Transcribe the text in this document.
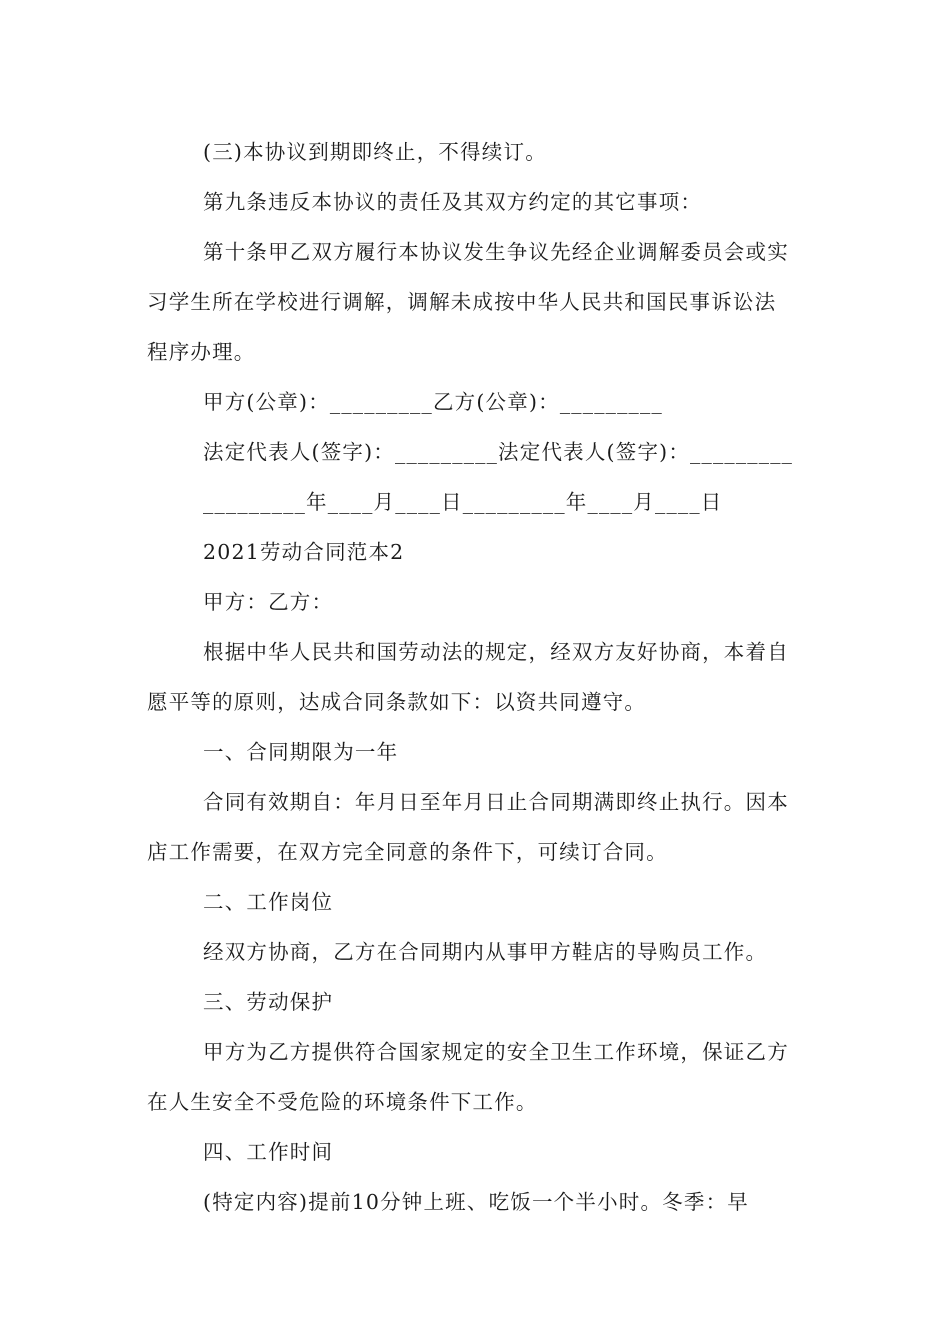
(三)本协议到期即终止，不得续订。
第九条违反本协议的责任及其双方约定的其它事项：
第十条甲乙双方履行本协议发生争议先经企业调解委员会或实
习学生所在学校进行调解，调解未成按中华人民共和国民事诉讼法
程序办理。
甲方(公章)：_________乙方(公章)：_________
法定代表人(签字)：_________法定代表人(签字)：_________
_________年____月____日_________年____月____日
2021劳动合同范本2
甲方：乙方：
根据中华人民共和国劳动法的规定，经双方友好协商，本着自
愿平等的原则，达成合同条款如下：以资共同遵守。
一、合同期限为一年
合同有效期自：年月日至年月日止合同期满即终止执行。因本
店工作需要，在双方完全同意的条件下，可续订合同。
二、工作岗位
经双方协商，乙方在合同期内从事甲方鞋店的导购员工作。
三、劳动保护
甲方为乙方提供符合国家规定的安全卫生工作环境，保证乙方
在人生安全不受危险的环境条件下工作。
四、工作时间
(特定内容)提前10分钟上班、吃饭一个半小时。冬季：早
